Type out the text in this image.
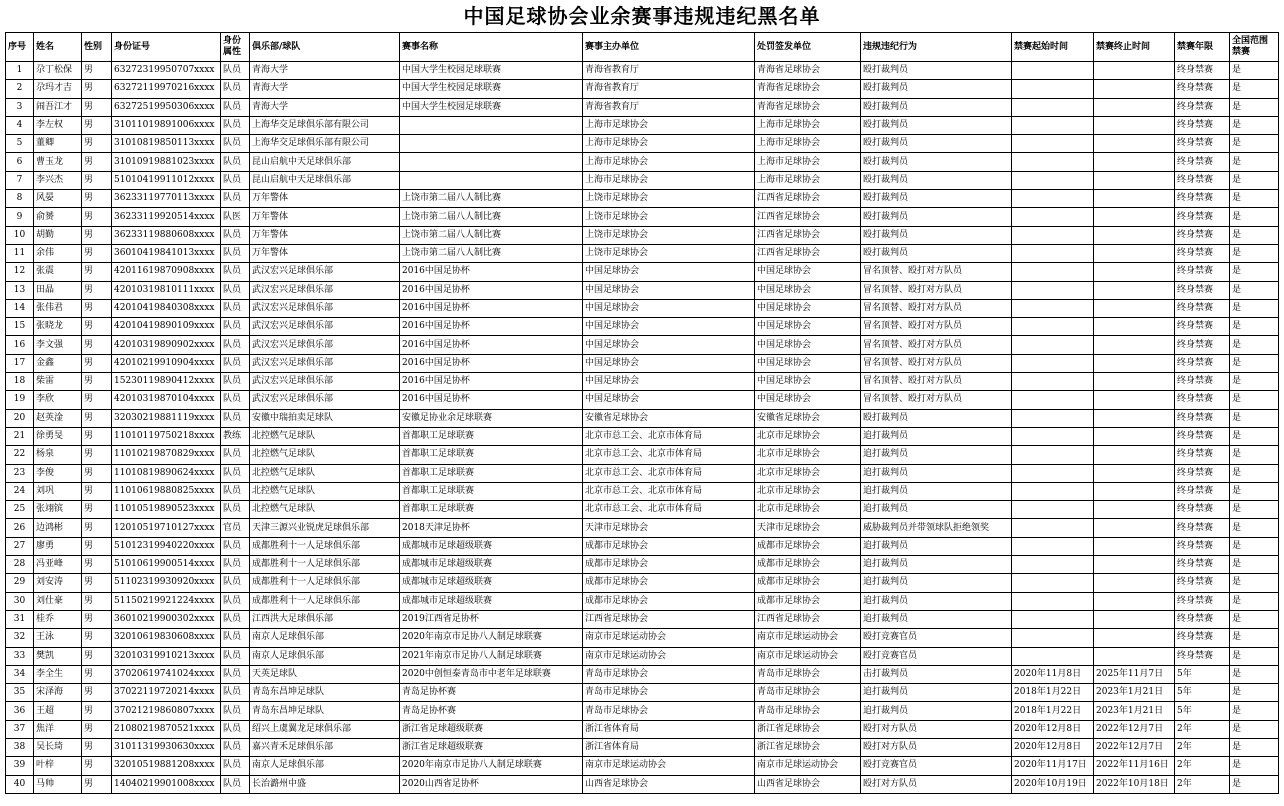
中国足球协会业余赛事违规违纪黑名单
序号	姓名	性别	身份证号	身份属性	俱乐部/球队	赛事名称	赛事主办单位	处罚签发单位	违规违纪行为	禁赛起始时间	禁赛终止时间	禁赛年限	全国范围禁赛
1	尕丁松保	男	63272319950707xxxx	队员	青海大学	中国大学生校园足球联赛	青海省教育厅	青海省足球协会	殴打裁判员			终身禁赛	是
2	尕玛才吉	男	63272119970216xxxx	队员	青海大学	中国大学生校园足球联赛	青海省教育厅	青海省足球协会	殴打裁判员			终身禁赛	是
3	闹吾江才	男	63272519950306xxxx	队员	青海大学	中国大学生校园足球联赛	青海省教育厅	青海省足球协会	殴打裁判员			终身禁赛	是
4	李左权	男	31011019891006xxxx	队员	上海华交足球俱乐部有限公司		上海市足球协会	上海市足球协会	殴打裁判员			终身禁赛	是
5	董卿	男	31010819850113xxxx	队员	上海华交足球俱乐部有限公司		上海市足球协会	上海市足球协会	殴打裁判员			终身禁赛	是
6	曹玉龙	男	31010919881023xxxx	队员	昆山启航中天足球俱乐部		上海市足球协会	上海市足球协会	殴打裁判员			终身禁赛	是
7	李兴杰	男	51010419911012xxxx	队员	昆山启航中天足球俱乐部		上海市足球协会	上海市足球协会	殴打裁判员			终身禁赛	是
8	风晏	男	36233119770113xxxx	队员	万年警体	上饶市第二届八人制比赛	上饶市足球协会	江西省足球协会	殴打裁判员			终身禁赛	是
9	俞赟	男	36233119920514xxxx	队医	万年警体	上饶市第二届八人制比赛	上饶市足球协会	江西省足球协会	殴打裁判员			终身禁赛	是
10	胡勤	男	36233119880608xxxx	队员	万年警体	上饶市第二届八人制比赛	上饶市足球协会	江西省足球协会	殴打裁判员			终身禁赛	是
11	余伟	男	36010419841013xxxx	队员	万年警体	上饶市第二届八人制比赛	上饶市足球协会	江西省足球协会	殴打裁判员			终身禁赛	是
12	张震	男	42011619870908xxxx	队员	武汉宏兴足球俱乐部	2016中国足协杯	中国足球协会	中国足球协会	冒名顶替、殴打对方队员			终身禁赛	是
13	田晶	男	42010319810111xxxx	队员	武汉宏兴足球俱乐部	2016中国足协杯	中国足球协会	中国足球协会	冒名顶替、殴打对方队员			终身禁赛	是
14	张伟君	男	42010419840308xxxx	队员	武汉宏兴足球俱乐部	2016中国足协杯	中国足球协会	中国足球协会	冒名顶替、殴打对方队员			终身禁赛	是
15	张晓龙	男	42010419890109xxxx	队员	武汉宏兴足球俱乐部	2016中国足协杯	中国足球协会	中国足球协会	冒名顶替、殴打对方队员			终身禁赛	是
16	李文强	男	42010319890902xxxx	队员	武汉宏兴足球俱乐部	2016中国足协杯	中国足球协会	中国足球协会	冒名顶替、殴打对方队员			终身禁赛	是
17	金鑫	男	42010219910904xxxx	队员	武汉宏兴足球俱乐部	2016中国足协杯	中国足球协会	中国足球协会	冒名顶替、殴打对方队员			终身禁赛	是
18	柴雷	男	15230119890412xxxx	队员	武汉宏兴足球俱乐部	2016中国足协杯	中国足球协会	中国足球协会	冒名顶替、殴打对方队员			终身禁赛	是
19	李欣	男	42010319870104xxxx	队员	武汉宏兴足球俱乐部	2016中国足协杯	中国足球协会	中国足球协会	冒名顶替、殴打对方队员			终身禁赛	是
20	赵英淦	男	32030219881119xxxx	队员	安徽中瑞拍卖足球队	安徽足协业余足球联赛	安徽省足球协会	安徽省足球协会	殴打裁判员			终身禁赛	是
21	徐勇旻	男	11010119750218xxxx	教练	北控燃气足球队	首都职工足球联赛	北京市总工会、北京市体育局	北京市足球协会	追打裁判员			终身禁赛	是
22	杨泉	男	11010219870829xxxx	队员	北控燃气足球队	首都职工足球联赛	北京市总工会、北京市体育局	北京市足球协会	追打裁判员			终身禁赛	是
23	李俊	男	11010819890624xxxx	队员	北控燃气足球队	首都职工足球联赛	北京市总工会、北京市体育局	北京市足球协会	追打裁判员			终身禁赛	是
24	刘巩	男	11010619880825xxxx	队员	北控燃气足球队	首都职工足球联赛	北京市总工会、北京市体育局	北京市足球协会	追打裁判员			终身禁赛	是
25	张翊镔	男	11010519890523xxxx	队员	北控燃气足球队	首都职工足球联赛	北京市总工会、北京市体育局	北京市足球协会	追打裁判员			终身禁赛	是
26	边鸿彬	男	12010519710127xxxx	官员	天津三源兴业锐虎足球俱乐部	2018天津足协杯	天津市足球协会	天津市足球协会	威胁裁判员并带领球队拒绝领奖			终身禁赛	是
27	廖勇	男	51012319940220xxxx	队员	成都胜利十一人足球俱乐部	成都城市足球超级联赛	成都市足球协会	成都市足球协会	追打裁判员			终身禁赛	是
28	冯亚峰	男	51010619900514xxxx	队员	成都胜利十一人足球俱乐部	成都城市足球超级联赛	成都市足球协会	成都市足球协会	追打裁判员			终身禁赛	是
29	刘安涛	男	51102319930920xxxx	队员	成都胜利十一人足球俱乐部	成都城市足球超级联赛	成都市足球协会	成都市足球协会	追打裁判员			终身禁赛	是
30	刘仕豪	男	51150219921224xxxx	队员	成都胜利十一人足球俱乐部	成都城市足球超级联赛	成都市足球协会	成都市足球协会	追打裁判员			终身禁赛	是
31	桂乔	男	36010219900302xxxx	队员	江西洪大足球俱乐部	2019江西省足协杯	江西省足球协会	江西省足球协会	追打裁判员			终身禁赛	是
32	王泳	男	32010619830608xxxx	队员	南京人足球俱乐部	2020年南京市足协八人制足球联赛	南京市足球运动协会	南京市足球运动协会	殴打竞赛官员			终身禁赛	是
33	樊凯	男	32010319910213xxxx	队员	南京人足球俱乐部	2021年南京市足协八人制足球联赛	南京市足球运动协会	南京市足球运动协会	殴打竞赛官员			终身禁赛	是
34	李全生	男	37020619741024xxxx	队员	天英足球队	2020中创恒泰青岛市中老年足球联赛	青岛市足球协会	青岛市足球协会	击打裁判员	2020年11月8日	2025年11月7日	5年	是
35	宋泽海	男	37022119720214xxxx	队员	青岛东昌坤足球队	青岛足协杯赛	青岛市足球协会	青岛市足球协会	追打裁判员	2018年1月22日	2023年1月21日	5年	是
36	王超	男	37021219860807xxxx	队员	青岛东昌坤足球队	青岛足协杯赛	青岛市足球协会	青岛市足球协会	追打裁判员	2018年1月22日	2023年1月21日	5年	是
37	焦洋	男	21080219870521xxxx	队员	绍兴上虞翼龙足球俱乐部	浙江省足球超级联赛	浙江省体育局	浙江省足球协会	殴打对方队员	2020年12月8日	2022年12月7日	2年	是
38	吴长琦	男	31011319930630xxxx	队员	嘉兴青禾足球俱乐部	浙江省足球超级联赛	浙江省体育局	浙江省足球协会	殴打对方队员	2020年12月8日	2022年12月7日	2年	是
39	叶梓	男	32010519881208xxxx	队员	南京人足球俱乐部	2020年南京市足协八人制足球联赛	南京市足球运动协会	南京市足球运动协会	殴打竞赛官员	2020年11月17日	2022年11月16日	2年	是
40	马帅	男	14040219901008xxxx	队员	长治潞州中盛	2020山西省足协杯	山西省足球协会	山西省足球协会	殴打对方队员	2020年10月19日	2022年10月18日	2年	是
